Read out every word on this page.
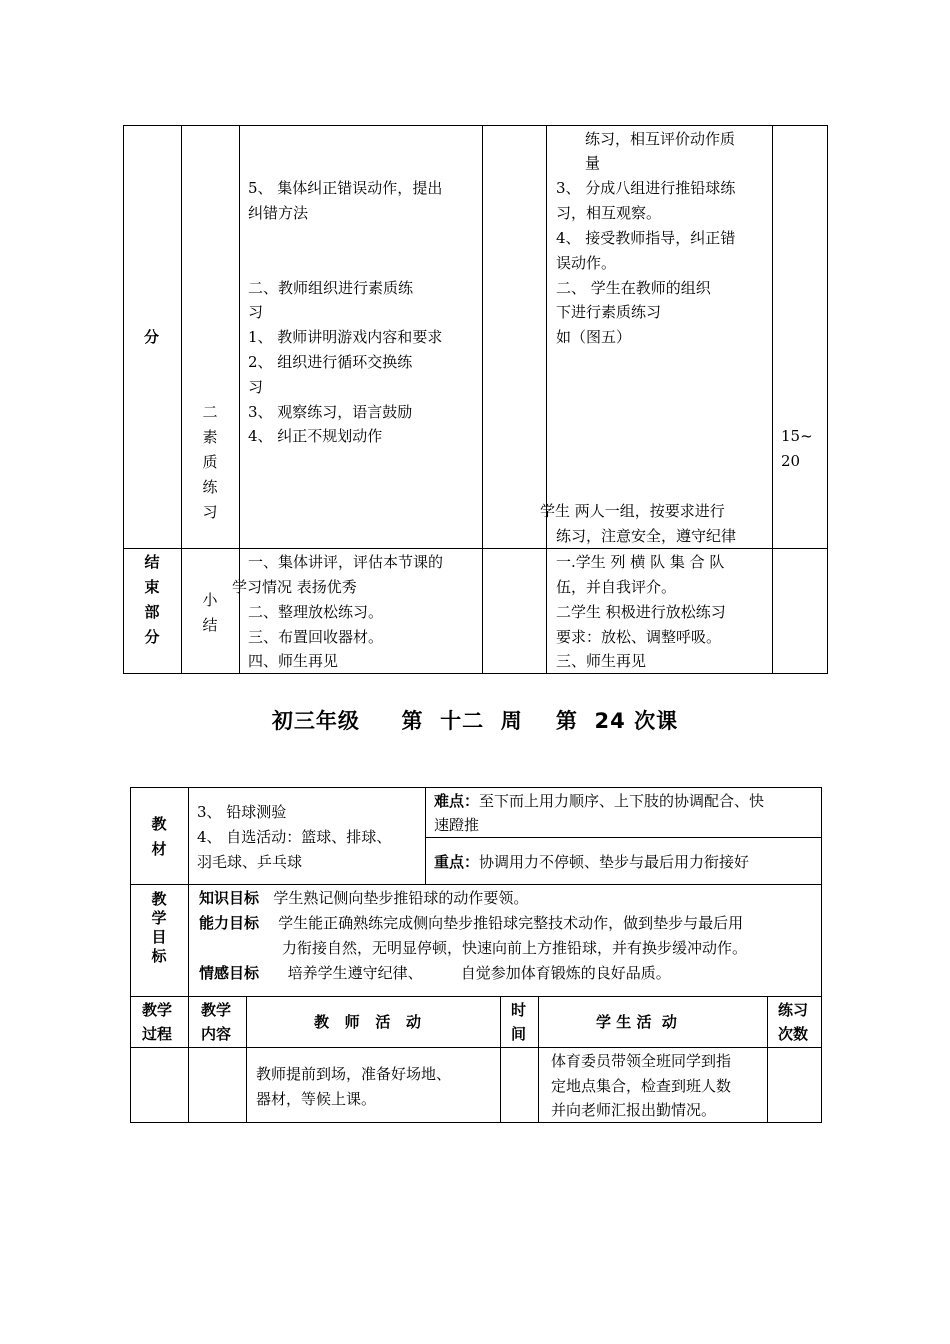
分
二
素
质
练
习
5、 集体纠正错误动作，提出
纠错方法
二、教师组织进行素质练
习
1、 教师讲明游戏内容和要求
2、 组织进行循环交换练
习
3、 观察练习，语言鼓励
4、 纠正不规划动作
练习，相互评价动作质
量
3、 分成八组进行推铅球练
习，相互观察。
4、 接受教师指导，纠正错
误动作。
二、 学生在教师的组织
下进行素质练习
如（图五）
学生 两人一组，按要求进行
练习，注意安全，遵守纪律
15~
20
结
束
部
分
小
结
一、集体讲评，评估本节课的
学习情况 表扬优秀
二、整理放松练习。
三、布置回收器材。
四、师生再见
一.学生 列 横 队 集 合 队
伍，并自我评介。
二学生 积极进行放松练习
要求：放松、调整呼吸。
三、师生再见
初三年级     第  十二  周    第  24 次课
教
材
3、 铅球测验
4、 自选活动：篮球、排球、
羽毛球、乒乓球
难点：至下而上用力顺序、上下肢的协调配合、快
速蹬推
重点：协调用力不停顿、垫步与最后用力衔接好
教
学
目
标
知识目标 学生熟记侧向垫步推铅球的动作要领。
能力目标 学生能正确熟练完成侧向垫步推铅球完整技术动作，做到垫步与最后用
力衔接自然，无明显停顿，快速向前上方推铅球，并有换步缓冲动作。
情感目标 培养学生遵守纪律、        自觉参加体育锻炼的良好品质。
教学
过程
教学
内容
教   师   活   动
时
间
学 生 活  动
练习
次数
教师提前到场，准备好场地、
器材，等候上课。
体育委员带领全班同学到指
定地点集合，检查到班人数
并向老师汇报出勤情况。
